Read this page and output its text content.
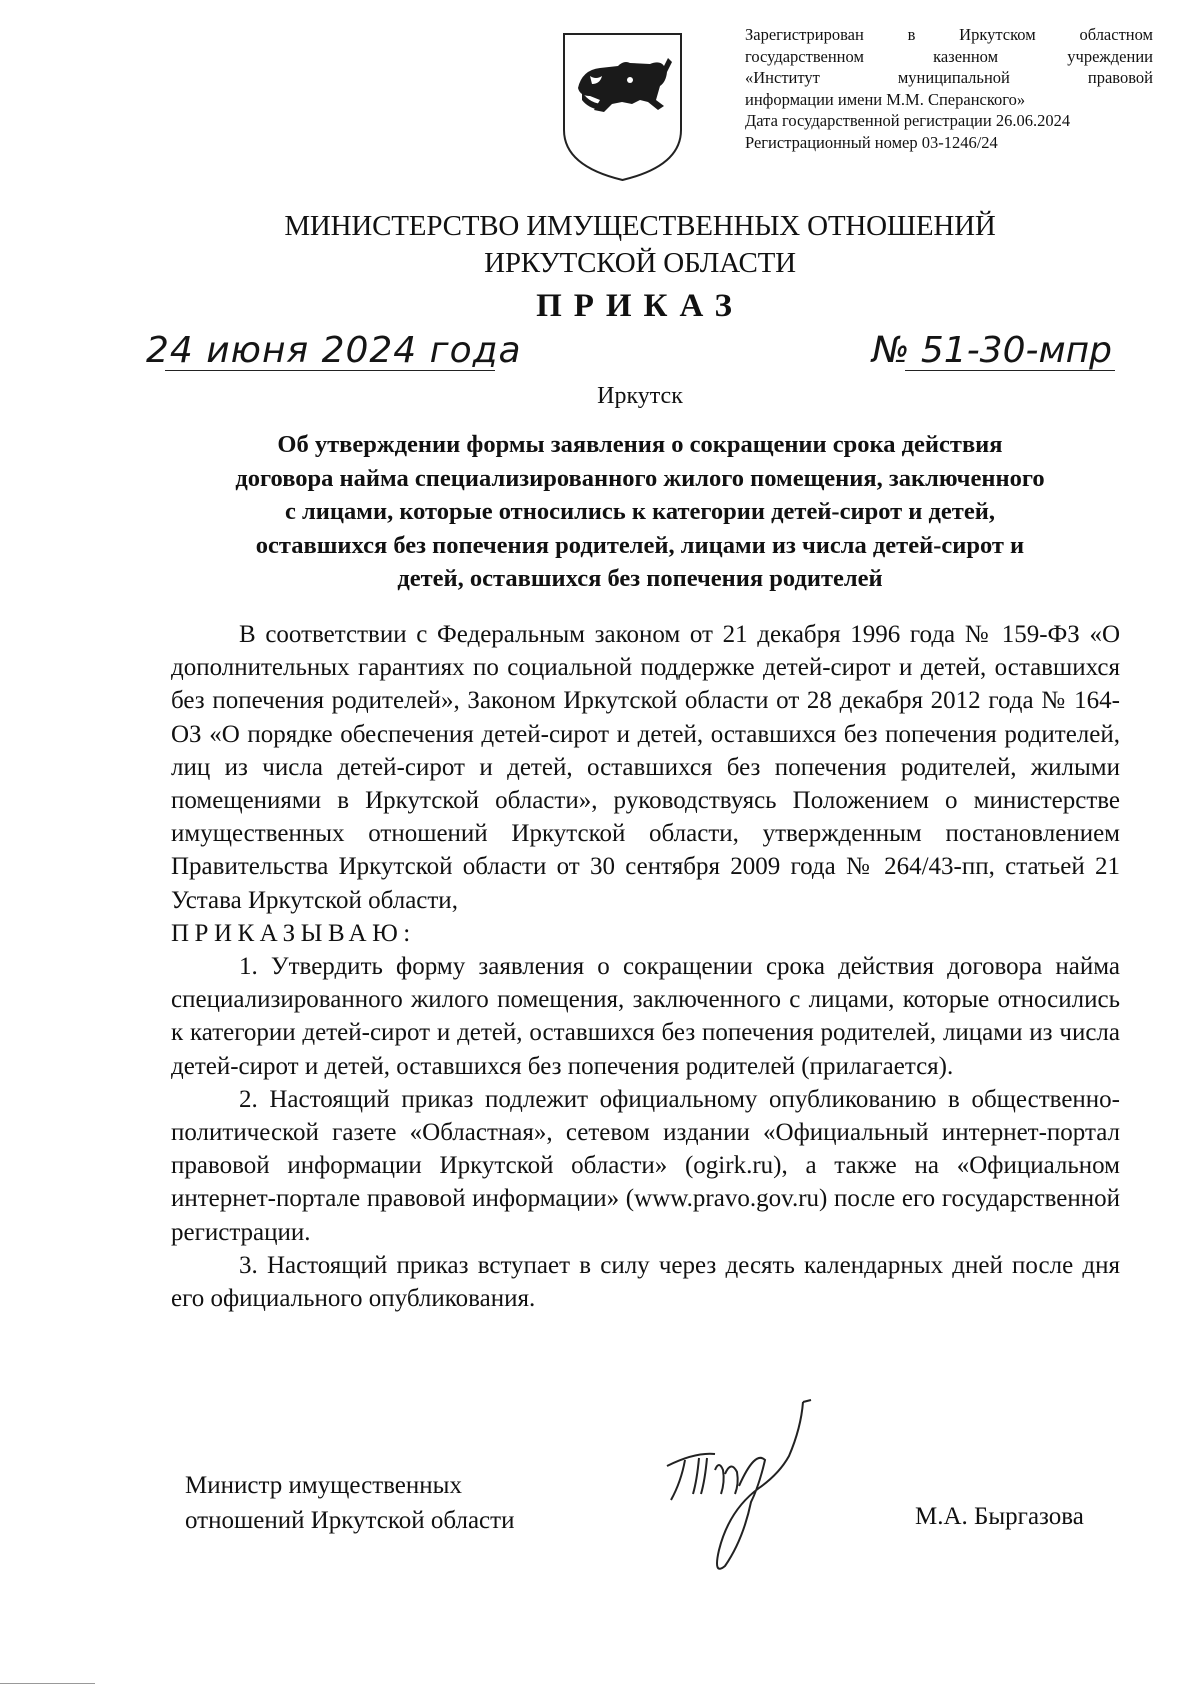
Зарегистрирован в Иркутском областном
государственном казенном учреждении
«Институт муниципальной правовой
информации имени М.М. Сперанского»
Дата государственной регистрации 26.06.2024
Регистрационный номер 03-1246/24
МИНИСТЕРСТВО ИМУЩЕСТВЕННЫХ ОТНОШЕНИЙ
ИРКУТСКОЙ ОБЛАСТИ
ПРИКАЗ
24 июня 2024 года	№ 51-30-мпр
Иркутск
Об утверждении формы заявления о сокращении срока действия
договора найма специализированного жилого помещения, заключенного
с лицами, которые относились к категории детей-сирот и детей,
оставшихся без попечения родителей, лицами из числа детей-сирот и
детей, оставшихся без попечения родителей

В соответствии с Федеральным законом от 21 декабря 1996 года № 159-ФЗ «О дополнительных гарантиях по социальной поддержке детей-сирот и детей, оставшихся без попечения родителей», Законом Иркутской области от 28 декабря 2012 года № 164-ОЗ «О порядке обеспечения детей-сирот и детей, оставшихся без попечения родителей, лиц из числа детей-сирот и детей, оставшихся без попечения родителей, жилыми помещениями в Иркутской области», руководствуясь Положением о министерстве имущественных отношений Иркутской области, утвержденным постановлением Правительства Иркутской области от 30 сентября 2009 года № 264/43-пп, статьей 21 Устава Иркутской области,

ПРИКАЗЫВАЮ:

1. Утвердить форму заявления о сокращении срока действия договора найма специализированного жилого помещения, заключенного с лицами, которые относились к категории детей-сирот и детей, оставшихся без попечения родителей, лицами из числа детей-сирот и детей, оставшихся без попечения родителей (прилагается).

2. Настоящий приказ подлежит официальному опубликованию в общественно-политической газете «Областная», сетевом издании «Официальный интернет-портал правовой информации Иркутской области» (ogirk.ru), а также на «Официальном интернет-портале правовой информации» (www.pravo.gov.ru) после его государственной регистрации.

3. Настоящий приказ вступает в силу через десять календарных дней после дня его официального опубликования.

Министр имущественных
отношений Иркутской области	М.А. Быргазова
